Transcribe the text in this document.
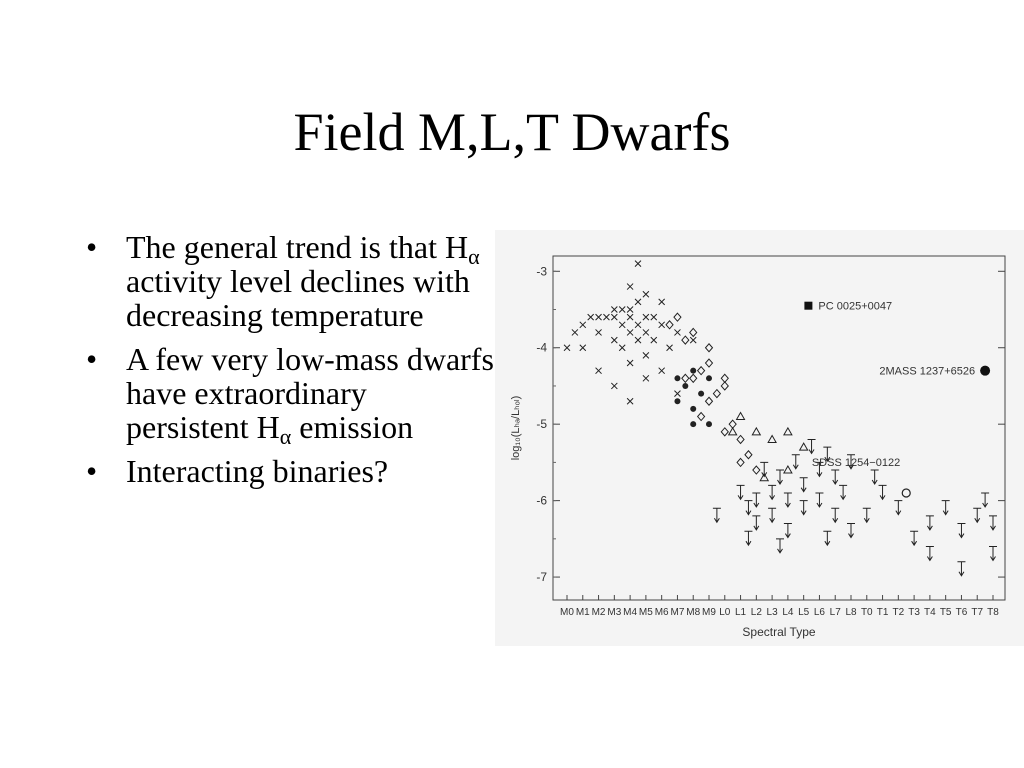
Field M,L,T Dwarfs
• The general trend is that $H_\alpha$ activity level declines with decreasing temperature
• A few very low-mass dwarfs have extraordinary persistent $H_\alpha$ emission
• Interacting binaries?
-3
-4
-5
-6
-7
M0 M1 M2 M3 M4 M5 M6 M7 M8 M9 L0 L1 L2 L3 L4 L5 L6 L7 L8 T0 T1 T2 T3 T4 T5 T6 T7 T8
Spectral Type
log₁₀(Lₕₐ/Lₕₒₗ)
PC 0025+0047
2MASS 1237+6526
SDSS 1254−0122
